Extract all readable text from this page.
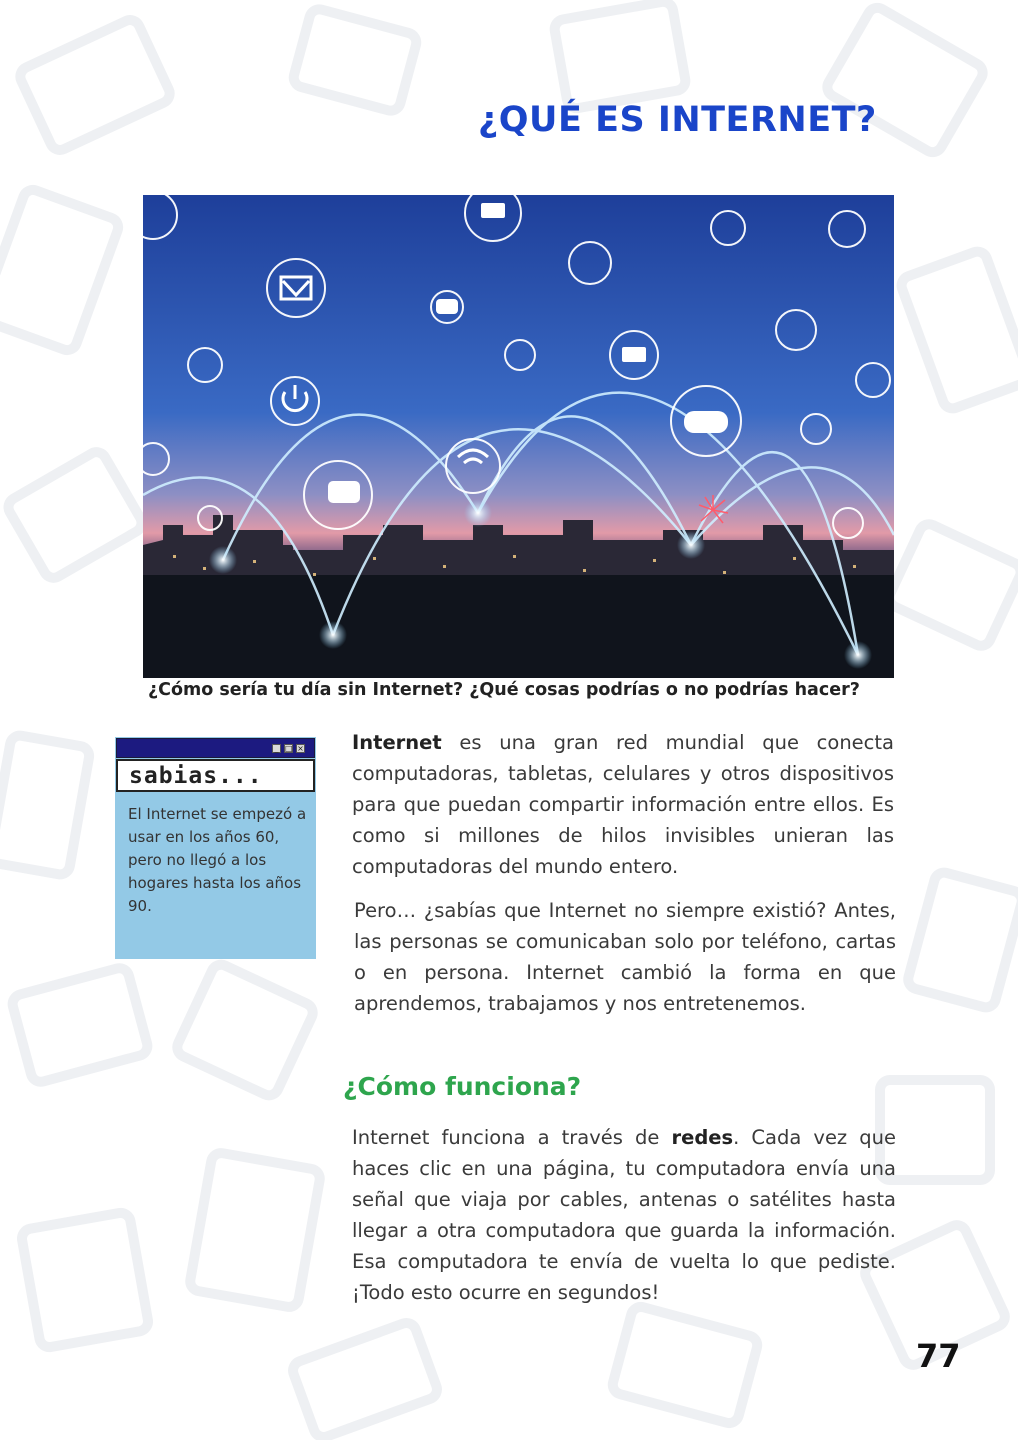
¿QUÉ ES INTERNET?
¿Cómo sería tu día sin Internet? ¿Qué cosas podrías o no podrías hacer?
_ □ ×
sabias...
El Internet se empezó a usar en los años 60, pero no llegó a los hogares hasta los años 90.

Internet es una gran red mundial que conecta computadoras, tabletas, celulares y otros dispositivos para que puedan compartir información entre ellos. Es como si millones de hilos invisibles unieran las computadoras del mundo entero.

Pero… ¿sabías que Internet no siempre existió? Antes, las personas se comunicaban solo por teléfono, cartas o en persona. Internet cambió la forma en que aprendemos, trabajamos y nos entretenemos.

¿Cómo funciona?

Internet funciona a través de redes. Cada vez que haces clic en una página, tu computadora envía una señal que viaja por cables, antenas o satélites hasta llegar a otra computadora que guarda la información. Esa computadora te envía de vuelta lo que pediste. ¡Todo esto ocurre en segundos!

77
